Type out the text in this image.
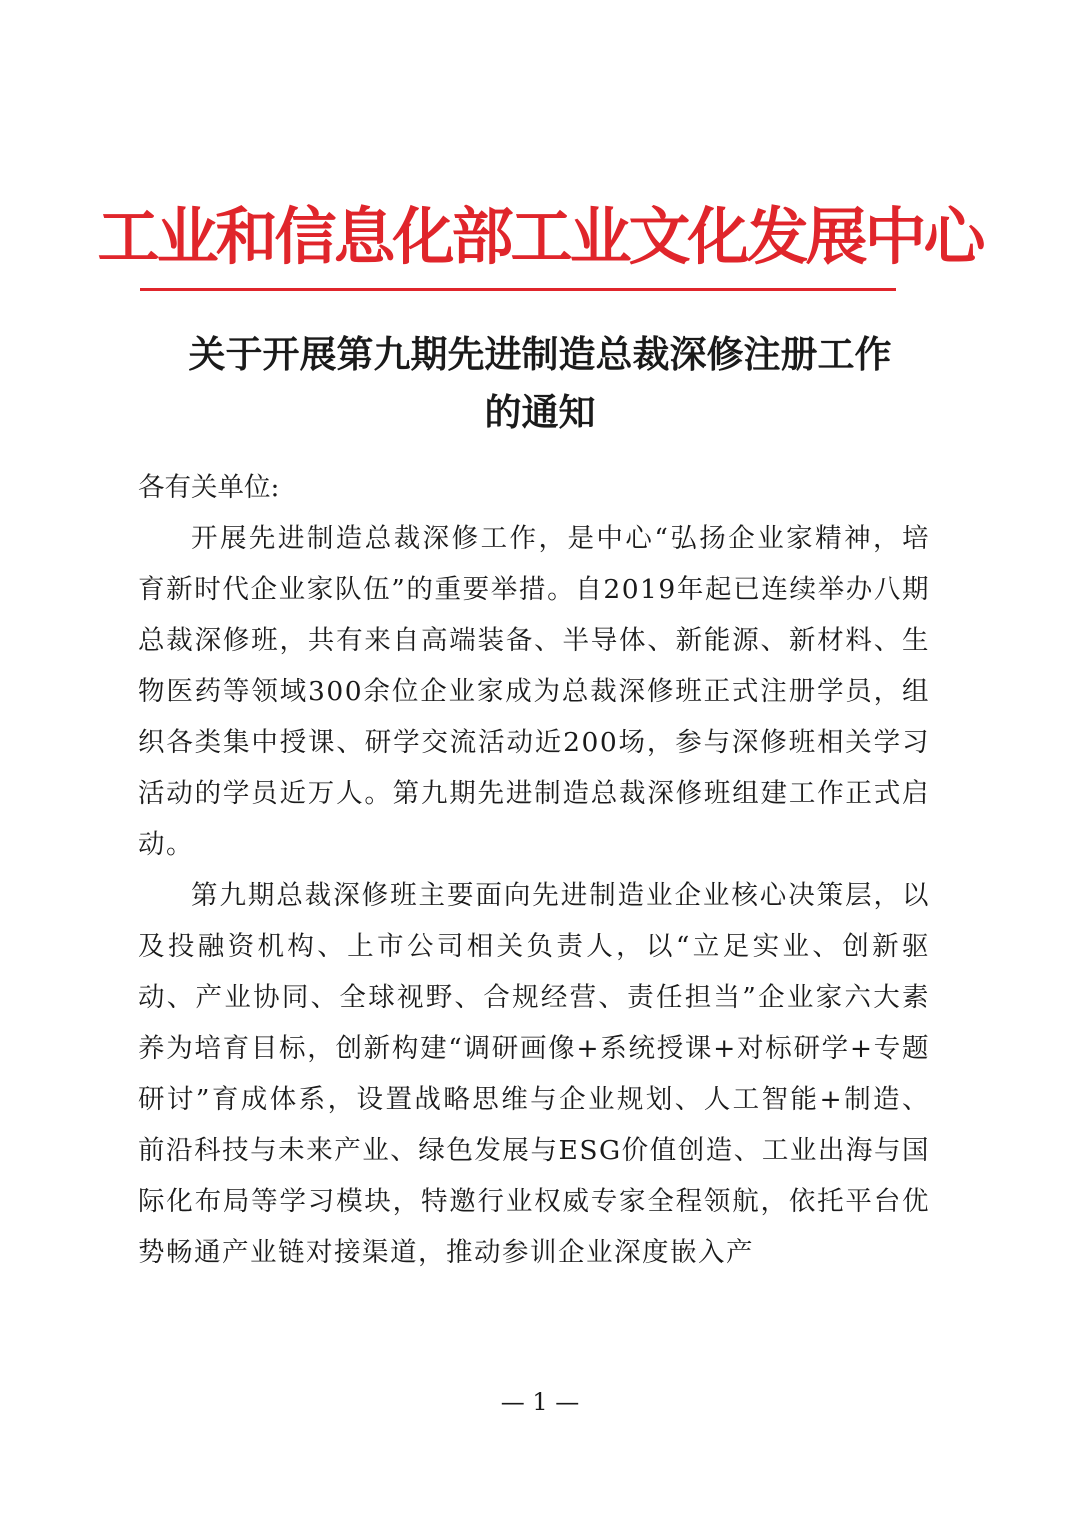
工业和信息化部工业文化发展中心
关于开展第九期先进制造总裁深修注册工作
的通知

各有关单位:

开展先进制造总裁深修工作，是中心“弘扬企业家精神，培育新时代企业家队伍”的重要举措。自2019年起已连续举办八期总裁深修班，共有来自高端装备、半导体、新能源、新材料、生物医药等领域300余位企业家成为总裁深修班正式注册学员，组织各类集中授课、研学交流活动近200场，参与深修班相关学习活动的学员近万人。第九期先进制造总裁深修班组建工作正式启动。

第九期总裁深修班主要面向先进制造业企业核心决策层，以及投融资机构、上市公司相关负责人，以“立足实业、创新驱动、产业协同、全球视野、合规经营、责任担当”企业家六大素养为培育目标，创新构建“调研画像+系统授课+对标研学+专题研讨”育成体系，设置战略思维与企业规划、人工智能+制造、前沿科技与未来产业、绿色发展与ESG价值创造、工业出海与国际化布局等学习模块，特邀行业权威专家全程领航，依托平台优势畅通产业链对接渠道，推动参训企业深度嵌入产

— 1 —
